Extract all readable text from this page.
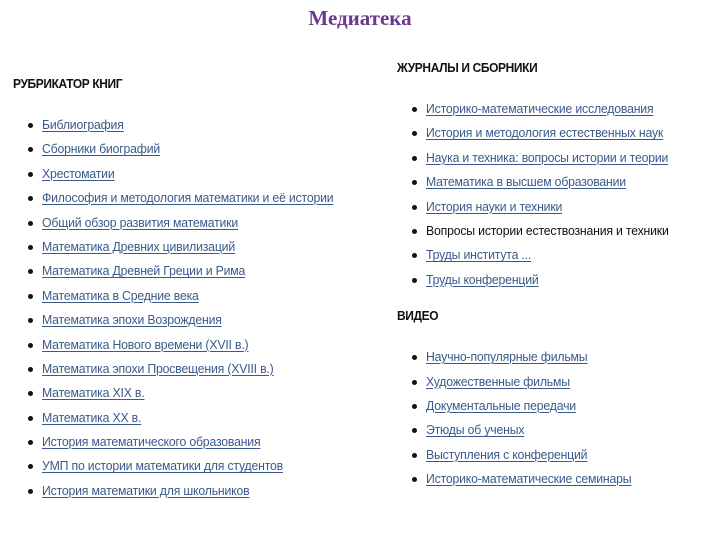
Медиатека
РУБРИКАТОР КНИГ
Библиография
Сборники биографий
Хрестоматии
Философия и методология математики и её истории
Общий обзор развития математики
Математика Древних цивилизаций
Математика Древней Греции и Рима
Математика в Средние века
Математика эпохи Возрождения
Математика Нового времени (XVII в.)
Математика эпохи Просвещения (XVIII в.)
Математика XIX в.
Математика XX в.
История математического образования
УМП по истории математики для студентов
История математики для школьников
ЖУРНАЛЫ И СБОРНИКИ
Историко-математические исследования
История и методология естественных наук
Наука и техника: вопросы истории и теории
Математика в высшем образовании
История науки и техники
Вопросы истории естествознания и техники
Труды института ...
Труды конференций
ВИДЕО
Научно-популярные фильмы
Художественные фильмы
Документальные передачи
Этюды об ученых
Выступления с конференций
Историко-математические семинары
